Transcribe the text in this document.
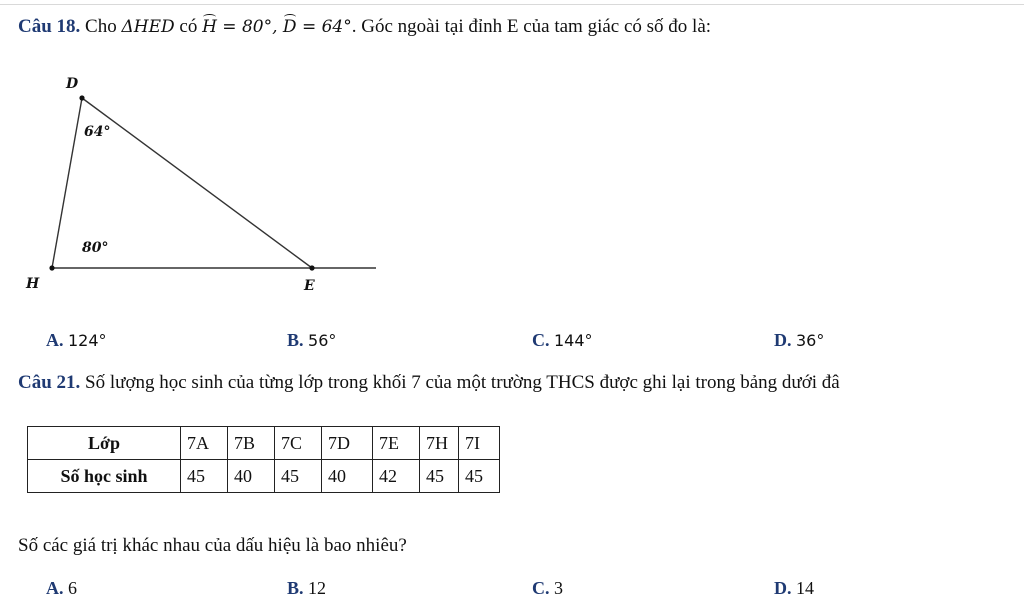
Câu 18. Cho ΔHED có H = 80°, D = 64°. Góc ngoài tại đỉnh E của tam giác có số đo là:
D
H	E
64°
80°
A. 124°	B. 56°	C. 144°	D. 36°
Câu 21. Số lượng học sinh của từng lớp trong khối 7 của một trường THCS được ghi lại trong bảng dưới đâ
Lớp	7A	7B	7C	7D	7E	7H	7I
Số học sinh	45	40	45	40	42	45	45
Số các giá trị khác nhau của dấu hiệu là bao nhiêu?
A. 6	B. 12	C. 3	D. 14
